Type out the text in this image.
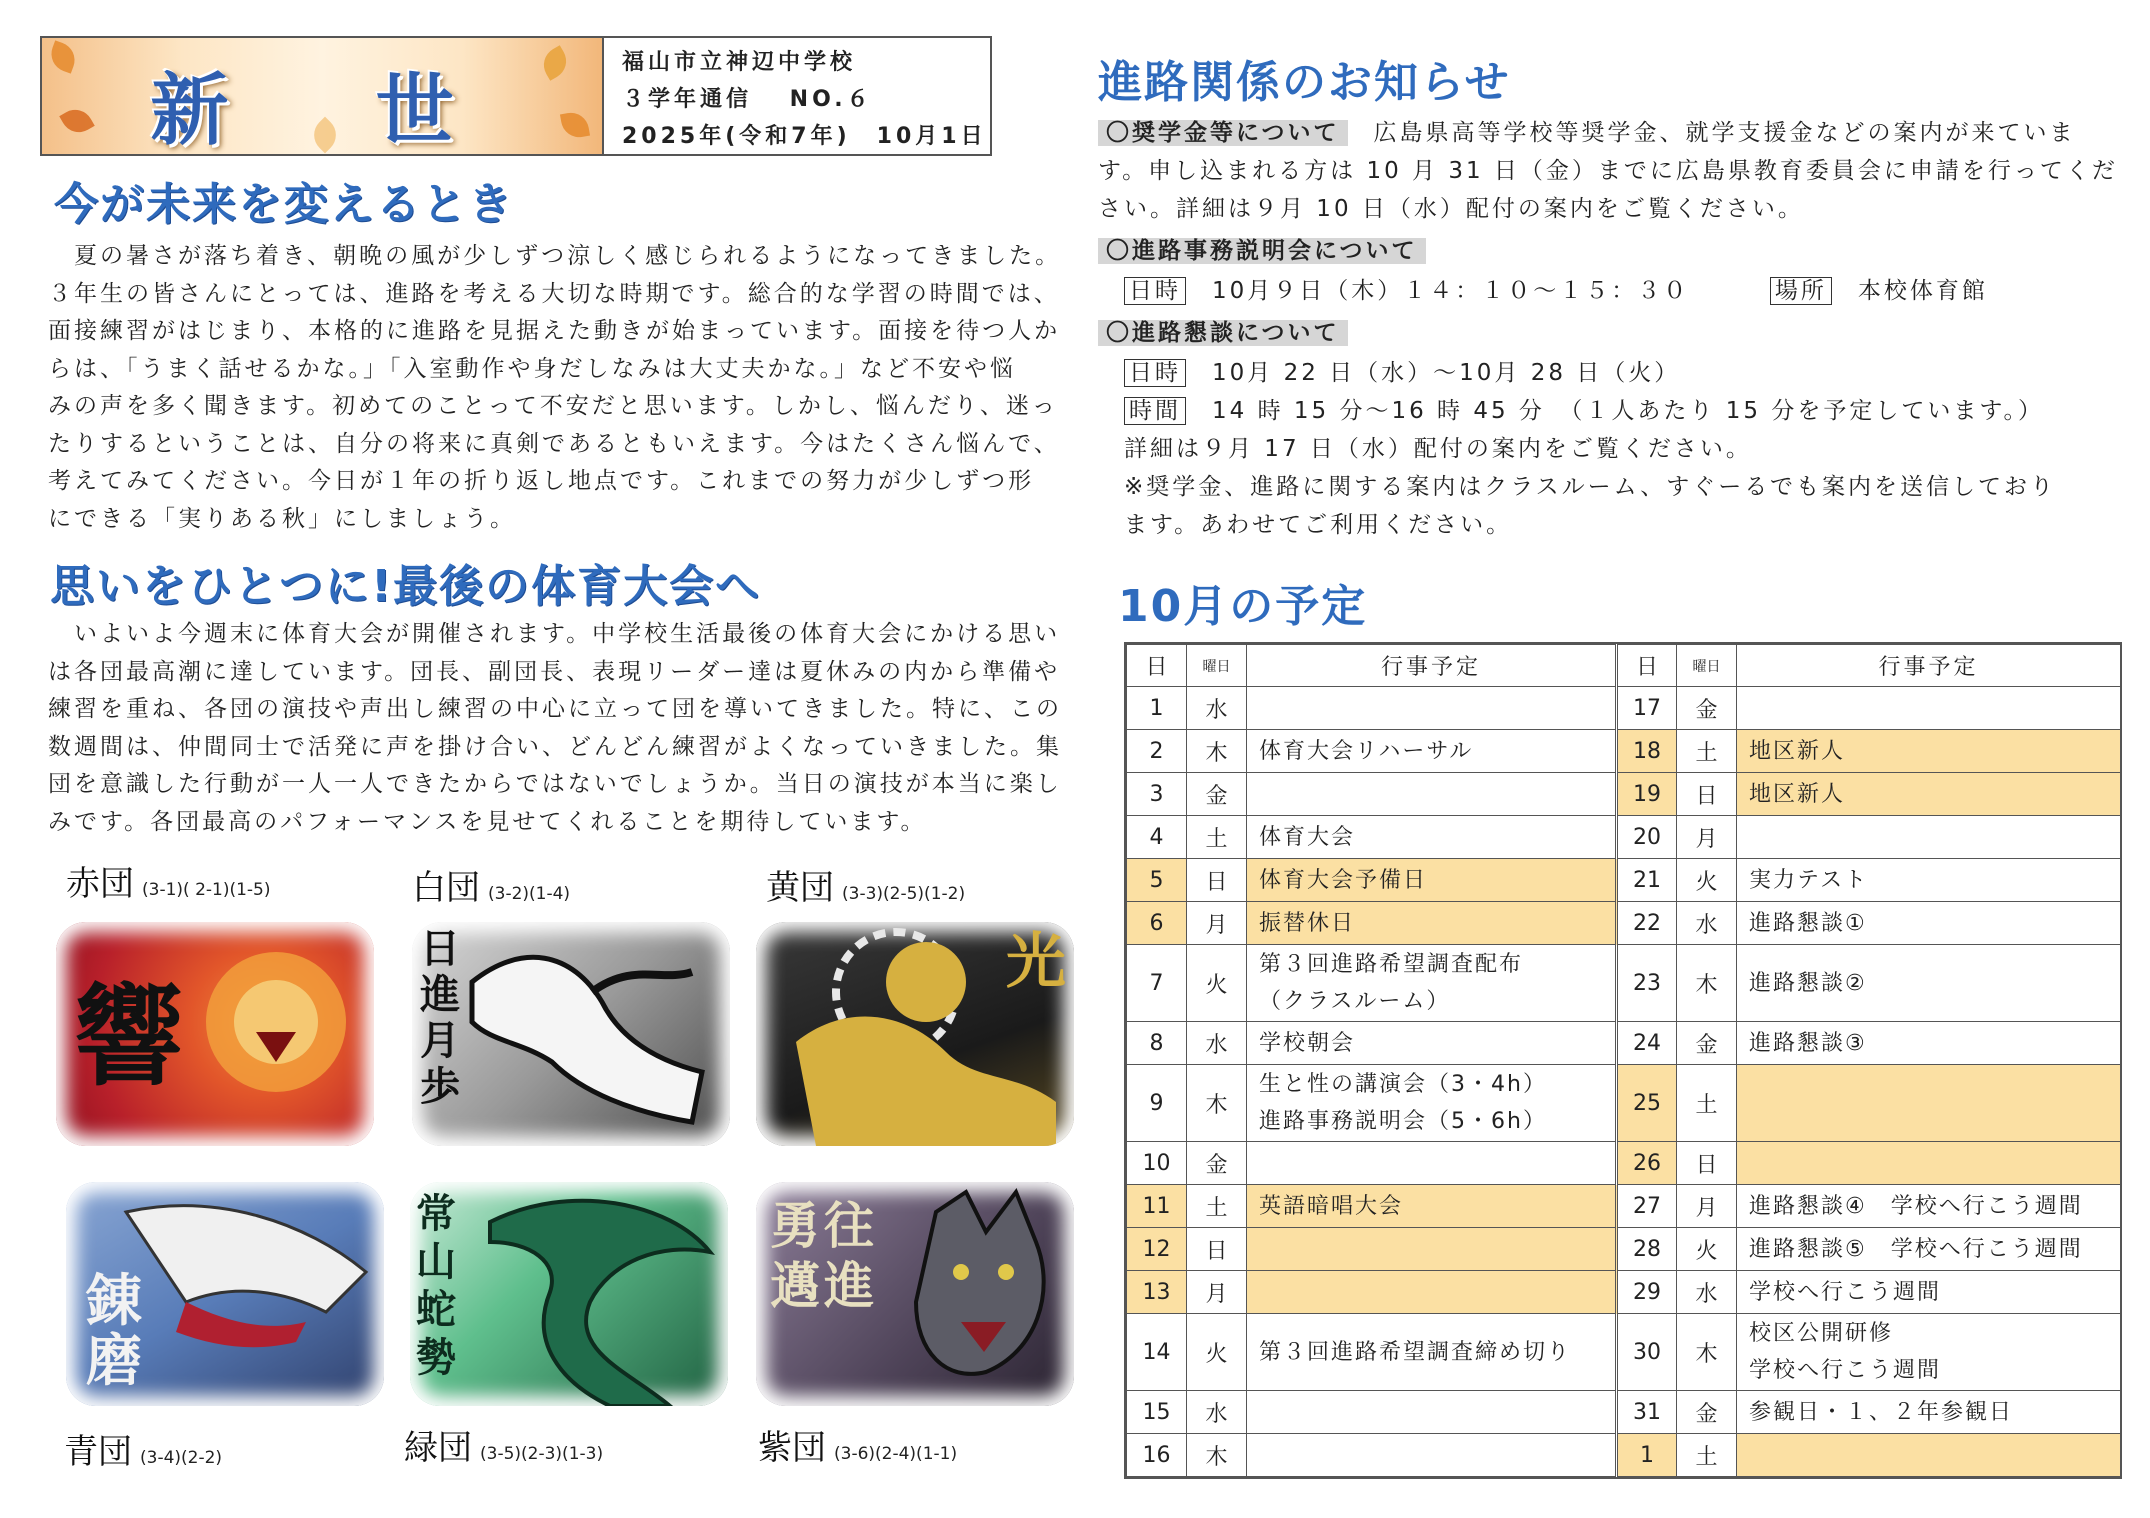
新 世
福山市立神辺中学校
３学年通信　 NO.６
2025年(令和7年)　10月1日
今が未来を変えるとき
　夏の暑さが落ち着き、朝晩の風が少しずつ涼しく感じられるようになってきました。
３年生の皆さんにとっては、進路を考える大切な時期です。総合的な学習の時間では、
面接練習がはじまり、本格的に進路を見据えた動きが始まっています。面接を待つ人か
らは、「うまく話せるかな。」「入室動作や身だしなみは大丈夫かな。」など不安や悩
みの声を多く聞きます。初めてのことって不安だと思います。しかし、悩んだり、迷っ
たりするということは、自分の将来に真剣であるともいえます。今はたくさん悩んで、
考えてみてください。今日が１年の折り返し地点です。これまでの努力が少しずつ形
にできる「実りある秋」にしましょう。
思いをひとつに!最後の体育大会へ
　いよいよ今週末に体育大会が開催されます。中学校生活最後の体育大会にかける思い
は各団最高潮に達しています。団長、副団長、表現リーダー達は夏休みの内から準備や
練習を重ね、各団の演技や声出し練習の中心に立って団を導いてきました。特に、この
数週間は、仲間同士で活発に声を掛け合い、どんどん練習がよくなっていきました。集
団を意識した行動が一人一人できたからではないでしょうか。当日の演技が本当に楽し
みです。各団最高のパフォーマンスを見せてくれることを期待しています。
赤団 (3-1)( 2-1)(1-5)	白団 (3-2)(1-4)	黄団 (3-3)(2-5)(1-2)
響
日進月歩
光
錬磨
常山蛇勢
勇往邁進
青団 (3-4)(2-2)	緑団 (3-5)(2-3)(1-3)	紫団 (3-6)(2-4)(1-1)
進路関係のお知らせ
〇奨学金等について　 広島県高等学校等奨学金、就学支援金などの案内が来ていま
す。申し込まれる方は 10 月 31 日（金）までに広島県教育委員会に申請を行ってくだ
さい。詳細は９月 10 日（水）配付の案内をご覧ください。
〇進路事務説明会について
日時　 10月９日（木）１４：１０～１５：３０	場所　 本校体育館
〇進路懇談について
日時　 10月 22 日（水）～10月 28 日（火）
時間　 14 時 15 分～16 時 45 分　（１人あたり 15 分を予定しています。）
詳細は９月 17 日（水）配付の案内をご覧ください。
※奨学金、進路に関する案内はクラスルーム、すぐーるでも案内を送信しており
ます。あわせてご利用ください。
10月の予定
日	曜日	行事予定	日	曜日	行事予定
1	水		17	金	
2	木	体育大会リハーサル	18	土	地区新人

3	金		19	日	地区新人

4	土	体育大会	20	月	
5	日	体育大会予備日	21	火	実力テスト

6	月	振替休日	22	水	進路懇談①

7	火	第３回進路希望調査配布
（クラスルーム）	23	木	進路懇談②

8	水	学校朝会	24	金	進路懇談③

9	木	生と性の講演会（3・4h）
進路事務説明会（5・6h）	25	土	
10	金		26	日	
11	土	英語暗唱大会	27	月	進路懇談④　学校へ行こう週間

12	日		28	火	進路懇談⑤　学校へ行こう週間

13	月		29	水	学校へ行こう週間

14	火	第３回進路希望調査締め切り	30	木	校区公開研修
学校へ行こう週間

15	水		31	金	参観日・１、２年参観日

16	木		1	土	
